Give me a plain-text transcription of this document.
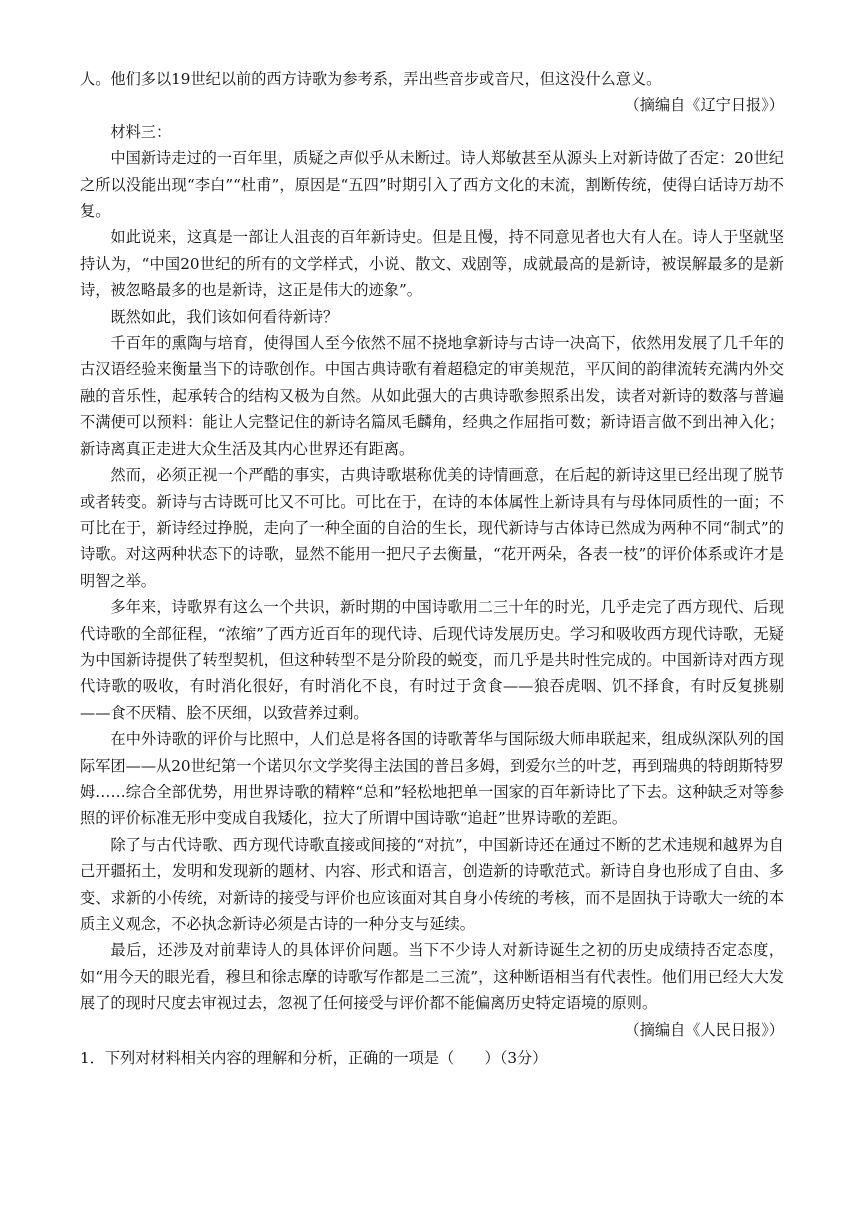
人。他们多以19世纪以前的西方诗歌为参考系，弄出些音步或音尺，但这没什么意义。

（摘编自《辽宁日报》）

材料三：

中国新诗走过的一百年里，质疑之声似乎从未断过。诗人郑敏甚至从源头上对新诗做了否定：20世纪之所以没能出现“李白”“杜甫”，原因是“五四”时期引入了西方文化的末流，割断传统，使得白话诗万劫不复。

如此说来，这真是一部让人沮丧的百年新诗史。但是且慢，持不同意见者也大有人在。诗人于坚就坚持认为，“中国20世纪的所有的文学样式，小说、散文、戏剧等，成就最高的是新诗，被误解最多的是新诗，被忽略最多的也是新诗，这正是伟大的迹象”。

既然如此，我们该如何看待新诗？

千百年的熏陶与培育，使得国人至今依然不屈不挠地拿新诗与古诗一决高下，依然用发展了几千年的古汉语经验来衡量当下的诗歌创作。中国古典诗歌有着超稳定的审美规范，平仄间的韵律流转充满内外交融的音乐性，起承转合的结构又极为自然。从如此强大的古典诗歌参照系出发，读者对新诗的数落与普遍不满便可以预料：能让人完整记住的新诗名篇凤毛麟角，经典之作屈指可数；新诗语言做不到出神入化；新诗离真正走进大众生活及其内心世界还有距离。

然而，必须正视一个严酷的事实，古典诗歌堪称优美的诗情画意，在后起的新诗这里已经出现了脱节或者转变。新诗与古诗既可比又不可比。可比在于，在诗的本体属性上新诗具有与母体同质性的一面；不可比在于，新诗经过挣脱，走向了一种全面的自洽的生长，现代新诗与古体诗已然成为两种不同“制式”的诗歌。对这两种状态下的诗歌，显然不能用一把尺子去衡量，“花开两朵，各表一枝”的评价体系或许才是明智之举。

多年来，诗歌界有这么一个共识，新时期的中国诗歌用二三十年的时光，几乎走完了西方现代、后现代诗歌的全部征程，“浓缩”了西方近百年的现代诗、后现代诗发展历史。学习和吸收西方现代诗歌，无疑为中国新诗提供了转型契机，但这种转型不是分阶段的蜕变，而几乎是共时性完成的。中国新诗对西方现代诗歌的吸收，有时消化很好，有时消化不良，有时过于贪食——狼吞虎咽、饥不择食，有时反复挑剔——食不厌精、脍不厌细，以致营养过剩。

在中外诗歌的评价与比照中，人们总是将各国的诗歌菁华与国际级大师串联起来，组成纵深队列的国际军团——从20世纪第一个诺贝尔文学奖得主法国的普吕多姆，到爱尔兰的叶芝，再到瑞典的特朗斯特罗姆……综合全部优势，用世界诗歌的精粹“总和”轻松地把单一国家的百年新诗比了下去。这种缺乏对等参照的评价标准无形中变成自我矮化，拉大了所谓中国诗歌“追赶”世界诗歌的差距。

除了与古代诗歌、西方现代诗歌直接或间接的“对抗”，中国新诗还在通过不断的艺术违规和越界为自己开疆拓土，发明和发现新的题材、内容、形式和语言，创造新的诗歌范式。新诗自身也形成了自由、多变、求新的小传统，对新诗的接受与评价也应该面对其自身小传统的考核，而不是固执于诗歌大一统的本质主义观念，不必执念新诗必须是古诗的一种分支与延续。

最后，还涉及对前辈诗人的具体评价问题。当下不少诗人对新诗诞生之初的历史成绩持否定态度，如“用今天的眼光看，穆旦和徐志摩的诗歌写作都是二三流”，这种断语相当有代表性。他们用已经大大发展了的现时尺度去审视过去，忽视了任何接受与评价都不能偏离历史特定语境的原则。

（摘编自《人民日报》）

1．下列对材料相关内容的理解和分析，正确的一项是（　　）（3分）
